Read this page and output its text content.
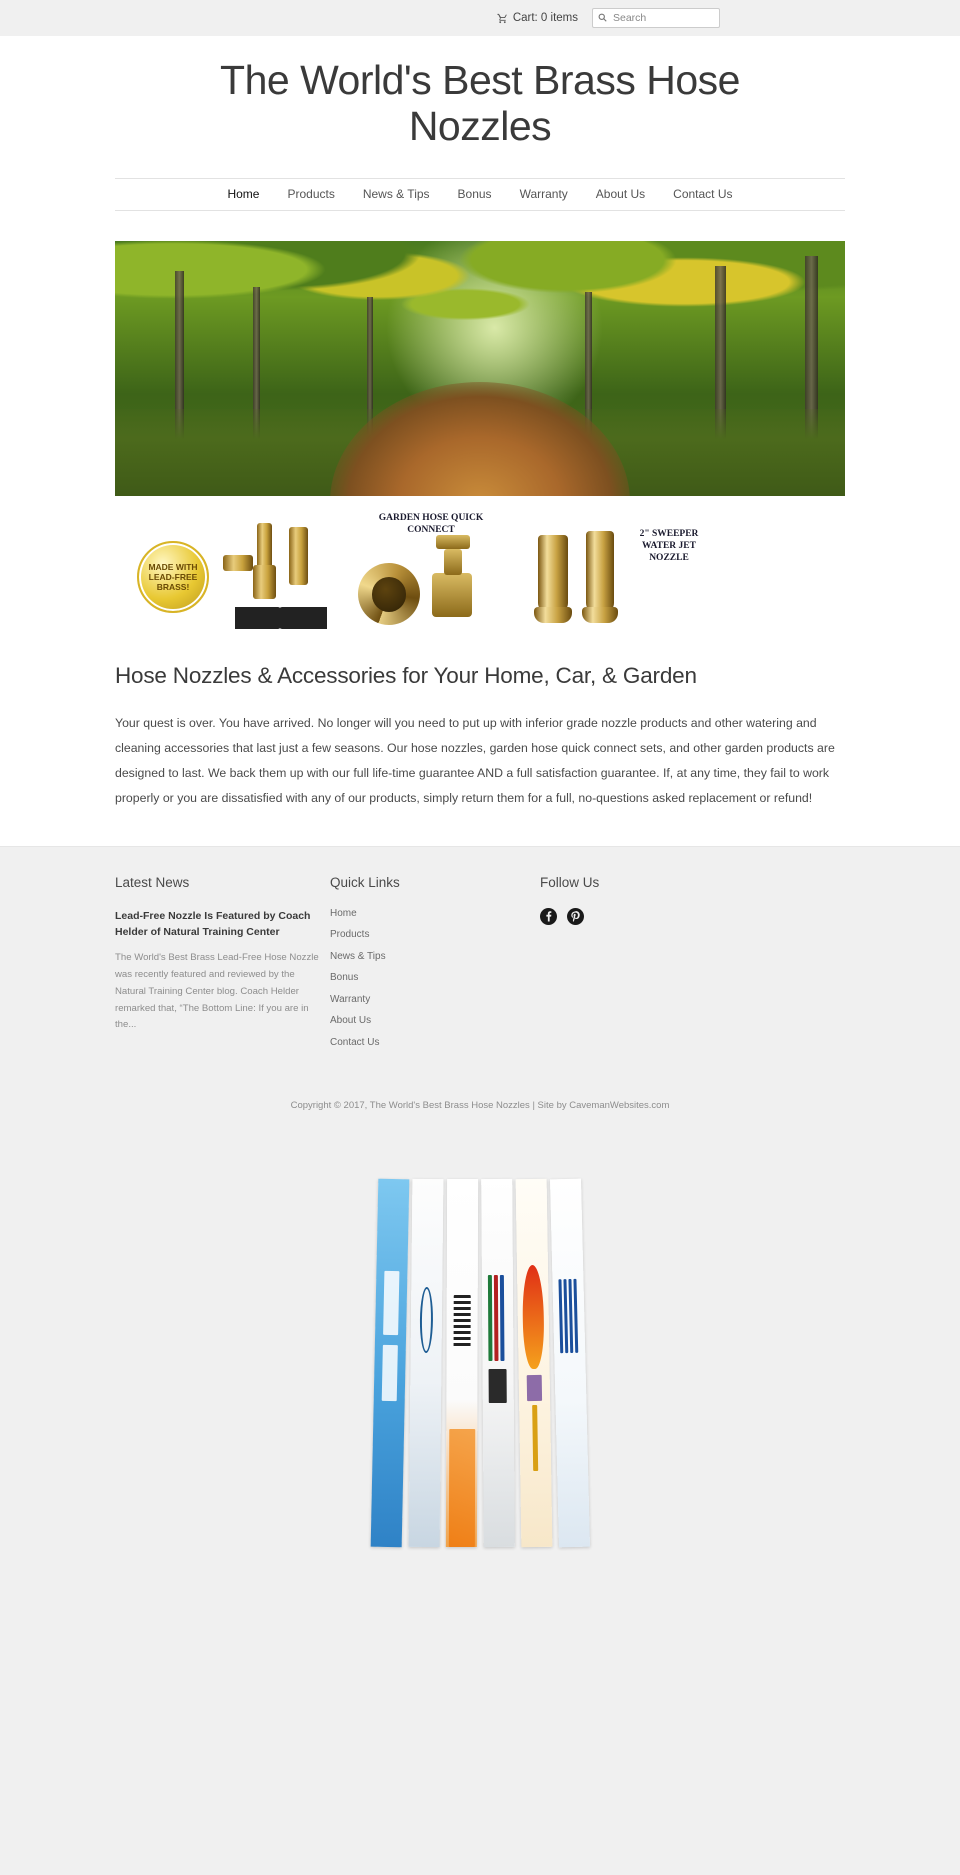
Cart: 0 items
Search
The World's Best Brass Hose Nozzles
Home	Products	News & Tips	Bonus	Warranty	About Us	Contact Us
MADE WITH LEAD-FREE BRASS!
GARDEN HOSE QUICK CONNECT	2" SWEEPER WATER JET NOZZLE
Hose Nozzles & Accessories for Your Home, Car, & Garden

Your quest is over. You have arrived. No longer will you need to put up with inferior grade nozzle products and other watering and cleaning accessories that last just a few seasons. Our hose nozzles, garden hose quick connect sets, and other garden products are designed to last. We back them up with our full life-time guarantee AND a full satisfaction guarantee. If, at any time, they fail to work properly or you are dissatisfied with any of our products, simply return them for a full, no-questions asked replacement or refund!

Latest News

Lead-Free Nozzle Is Featured by Coach Helder of Natural Training Center

The World's Best Brass Lead-Free Hose Nozzle was recently featured and reviewed by the Natural Training Center blog. Coach Helder remarked that, “The Bottom Line: If you are in the...

Quick Links
Home
Products
News & Tips
Bonus
Warranty
About Us
Contact Us
Follow Us
Copyright © 2017, The World's Best Brass Hose Nozzles | Site by CavemanWebsites.com
